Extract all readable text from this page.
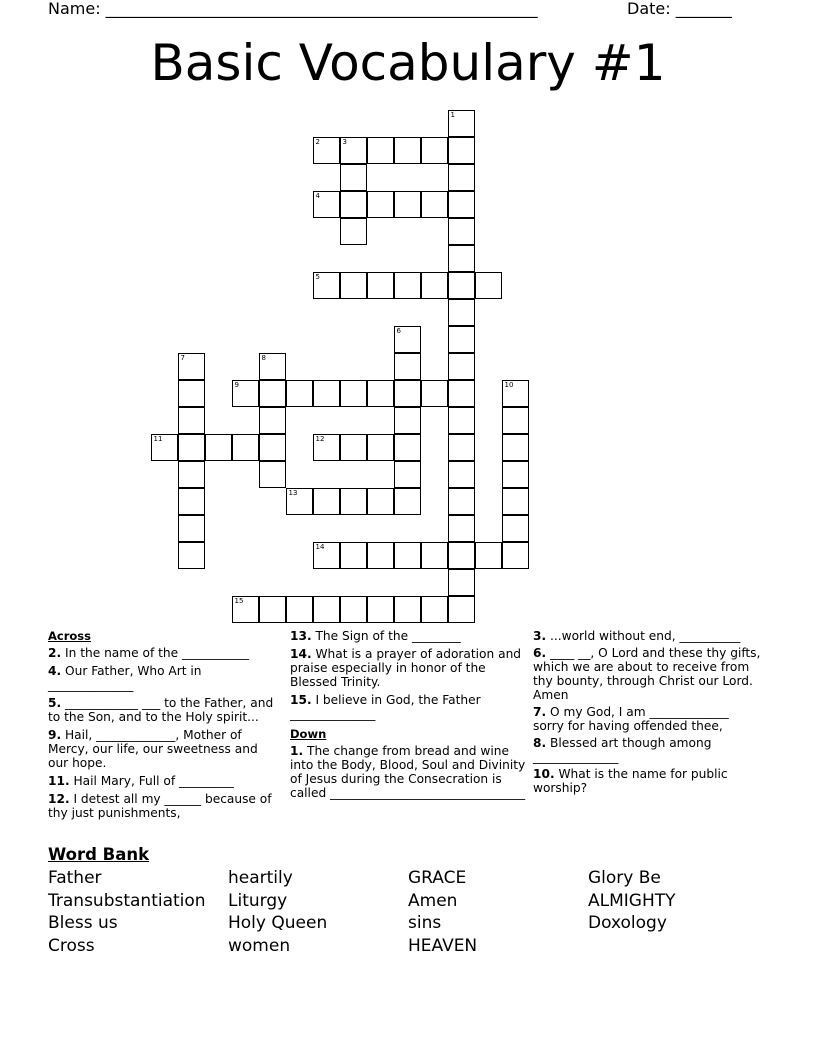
Name: ______________________________________________________	Date: _______
Basic Vocabulary #1
1
2	3
4
5
6
7	8
9	10
11	12
13
14
15
Across
2. In the name of the ___________
4. Our Father, Who Art in ______________
5. ____________ ___ to the Father, and to the Son, and to the Holy spirit...
9. Hail, _____________, Mother of Mercy, our life, our sweetness and our hope.
11. Hail Mary, Full of _________
12. I detest all my ______ because of thy just punishments,
13. The Sign of the ________
14. What is a prayer of adoration and praise especially in honor of the Blessed Trinity.
15. I believe in God, the Father ______________
Down
1. The change from bread and wine into the Body, Blood, Soul and Divinity of Jesus during the Consecration is called ________________________________
3. ...world without end, __________
6. ____ __, O Lord and these thy gifts, which we are about to receive from thy bounty, through Christ our Lord. Amen
7. O my God, I am _____________ sorry for having offended thee,
8. Blessed art though among ______________
10. What is the name for public worship?
Word Bank
Father
Transubstantiation
Bless us
Cross
heartily
Liturgy
Holy Queen
women
GRACE
Amen
sins
HEAVEN
Glory Be
ALMIGHTY
Doxology
